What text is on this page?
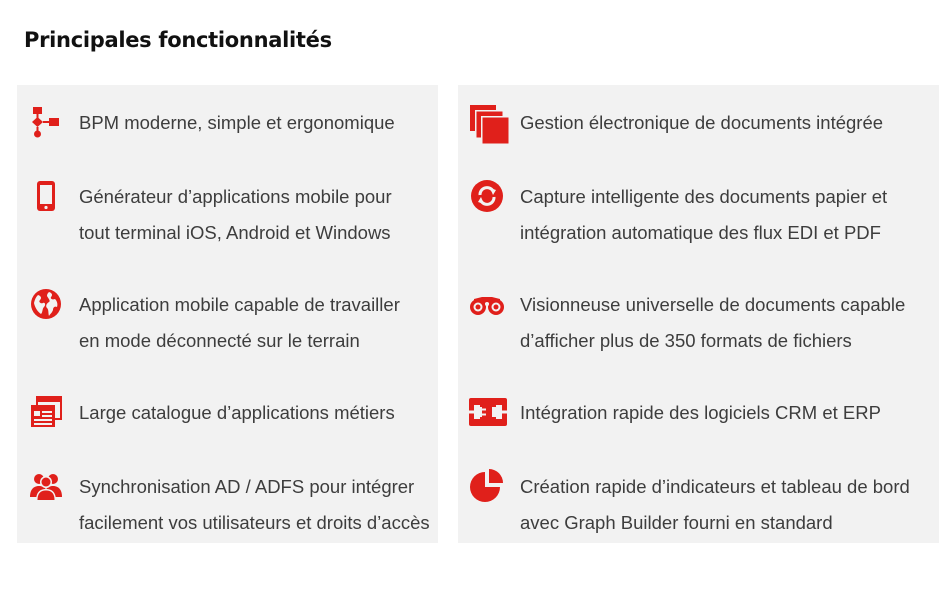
Principales fonctionnalités
BPM moderne, simple et ergonomique
Générateur d’applications mobile pour
tout terminal iOS, Android et Windows
Application mobile capable de travailler
en mode déconnecté sur le terrain
Large catalogue d’applications métiers
Synchronisation AD / ADFS pour intégrer
facilement vos utilisateurs et droits d’accès
Gestion électronique de documents intégrée
Capture intelligente des documents papier et
intégration automatique des flux EDI et PDF
Visionneuse universelle de documents capable
d’afficher plus de 350 formats de fichiers
Intégration rapide des logiciels CRM et ERP
Création rapide d’indicateurs et tableau de bord
avec Graph Builder fourni en standard
